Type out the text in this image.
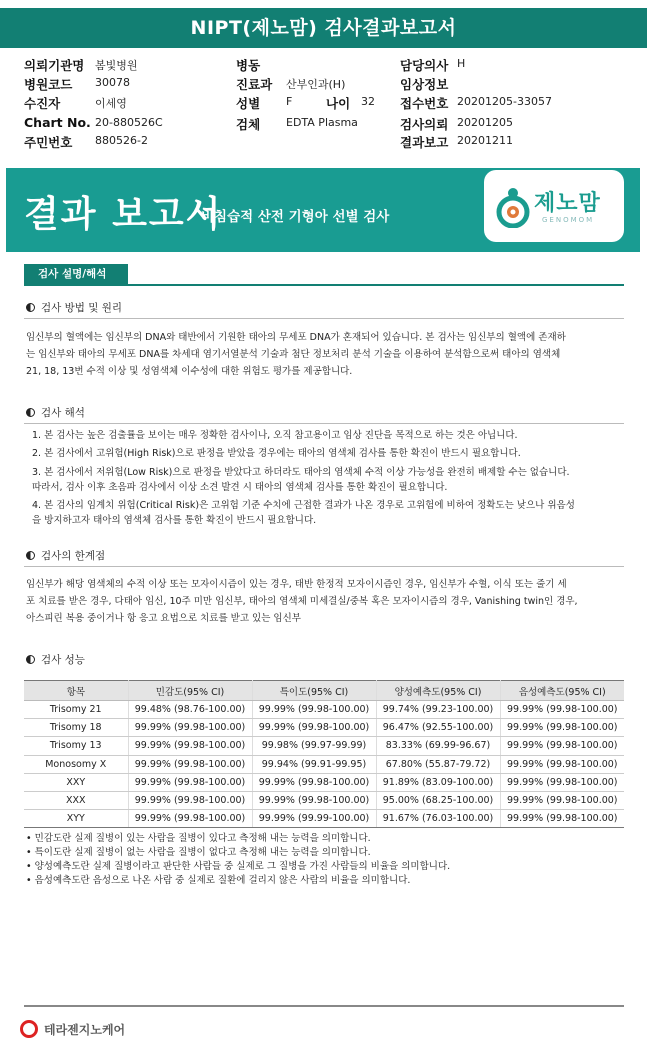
NIPT(제노맘) 검사결과보고서
의뢰기관명 봄빛병원	병동	담당의사 H
병원코드 30078	진료과 산부인과(H)	임상정보
수진자	이세영	성별 F	나이 32 접수번호 20201205-33057
Chart No. 20-880526C	검체 EDTA Plasma	검사의뢰 20201205
주민번호 880526-2	결과보고 20201211
결과 보고서
비침습적 산전 기형아 선별 검사
제노맘
GENOMOM
검사 설명/해석
검사 방법 및 원리
임신부의 혈액에는 임신부의 DNA와 태반에서 기원한 태아의 무세포 DNA가 혼재되어 있습니다. 본 검사는 임신부의 혈액에 존재하
는 임신부와 태아의 무세포 DNA를 차세대 염기서열분석 기술과 첨단 정보처리 분석 기술을 이용하여 분석함으로써 태아의 염색체
21, 18, 13번 수적 이상 및 성염색체 이수성에 대한 위험도 평가를 제공합니다.
검사 해석
1. 본 검사는 높은 검출률을 보이는 매우 정확한 검사이나, 오직 참고용이고 임상 진단을 목적으로 하는 것은 아닙니다.
2. 본 검사에서 고위험(High Risk)으로 판정을 받았을 경우에는 태아의 염색체 검사를 통한 확진이 반드시 필요합니다.
3. 본 검사에서 저위험(Low Risk)으로 판정을 받았다고 하더라도 태아의 염색체 수적 이상 가능성을 완전히 배제할 수는 없습니다.
따라서, 검사 이후 초음파 검사에서 이상 소견 발견 시 태아의 염색체 검사를 통한 확진이 필요합니다.
4. 본 검사의 임계치 위험(Critical Risk)은 고위험 기준 수치에 근접한 결과가 나온 경우로 고위험에 비하여 정확도는 낮으나 위음성
을 방지하고자 태아의 염색체 검사를 통한 확진이 반드시 필요합니다.
검사의 한계점
임신부가 해당 염색체의 수적 이상 또는 모자이시즘이 있는 경우, 태반 한정적 모자이시즘인 경우, 임신부가 수혈, 이식 또는 줄기 세
포 치료를 받은 경우, 다태아 임신, 10주 미만 임신부, 태아의 염색체 미세결실/중복 혹은 모자이시즘의 경우, Vanishing twin인 경우,
아스피린 복용 중이거나 항 응고 요법으로 치료를 받고 있는 임신부
검사 성능
항목	민감도(95% CI)	특이도(95% CI)	양성예측도(95% CI)	음성예측도(95% CI)
Trisomy 21	99.48% (98.76-100.00)	99.99% (99.98-100.00)	99.74% (99.23-100.00)	99.99% (99.98-100.00)
Trisomy 18	99.99% (99.98-100.00)	99.99% (99.98-100.00)	96.47% (92.55-100.00)	99.99% (99.98-100.00)
Trisomy 13	99.99% (99.98-100.00)	99.98% (99.97-99.99)	83.33% (69.99-96.67)	99.99% (99.98-100.00)
Monosomy X	99.99% (99.98-100.00)	99.94% (99.91-99.95)	67.80% (55.87-79.72)	99.99% (99.98-100.00)
XXY	99.99% (99.98-100.00)	99.99% (99.98-100.00)	91.89% (83.09-100.00)	99.99% (99.98-100.00)
XXX	99.99% (99.98-100.00)	99.99% (99.98-100.00)	95.00% (68.25-100.00)	99.99% (99.98-100.00)
XYY	99.99% (99.98-100.00)	99.99% (99.99-100.00)	91.67% (76.03-100.00)	99.99% (99.98-100.00)
• 민감도란 실제 질병이 있는 사람을 질병이 있다고 측정해 내는 능력을 의미합니다.
• 특이도란 실제 질병이 없는 사람을 질병이 없다고 측정해 내는 능력을 의미합니다.
• 양성예측도란 실제 질병이라고 판단한 사람들 중 실제로 그 질병을 가진 사람들의 비율을 의미합니다.
• 음성예측도란 음성으로 나온 사람 중 실제로 질환에 걸리지 않은 사람의 비율을 의미합니다.
테라젠지노케어
